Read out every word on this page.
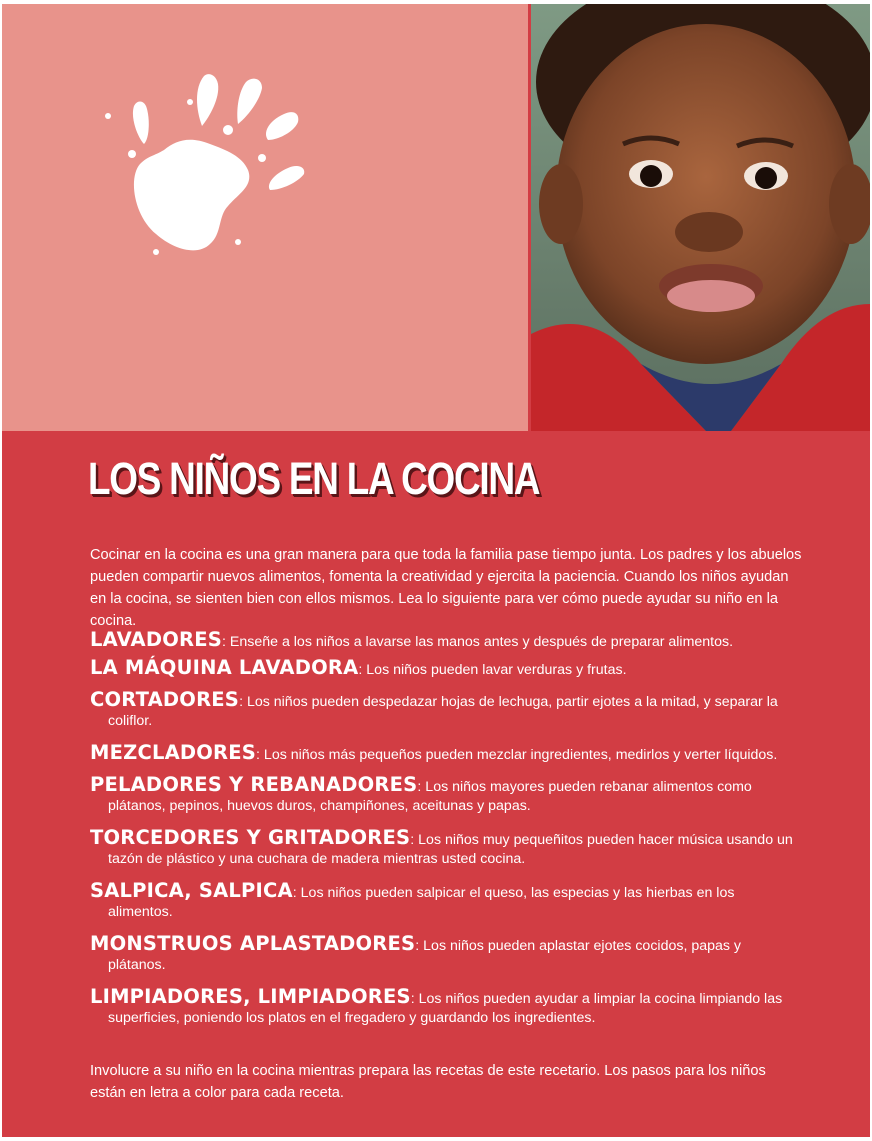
LOS NIÑOS EN LA COCINA

Cocinar en la cocina es una gran manera para que toda la familia pase tiempo junta. Los padres y los abuelos pueden compartir nuevos alimentos, fomenta la creatividad y ejercita la paciencia. Cuando los niños ayudan en la cocina, se sienten bien con ellos mismos. Lea lo siguiente para ver cómo puede ayudar su niño en la cocina.

LAVADORES: Enseñe a los niños a lavarse las manos antes y después de preparar alimentos.
LA MÁQUINA LAVADORA: Los niños pueden lavar verduras y frutas.
CORTADORES: Los niños pueden despedazar hojas de lechuga, partir ejotes a la mitad, y separar la coliflor.
MEZCLADORES: Los niños más pequeños pueden mezclar ingredientes, medirlos y verter líquidos.
PELADORES Y REBANADORES: Los niños mayores pueden rebanar alimentos como plátanos, pepinos, huevos duros, champiñones, aceitunas y papas.
TORCEDORES Y GRITADORES: Los niños muy pequeñitos pueden hacer música usando un tazón de plástico y una cuchara de madera mientras usted cocina.
SALPICA, SALPICA: Los niños pueden salpicar el queso, las especias y las hierbas en los alimentos.
MONSTRUOS APLASTADORES: Los niños pueden aplastar ejotes cocidos, papas y plátanos.
LIMPIADORES, LIMPIADORES: Los niños pueden ayudar a limpiar la cocina limpiando las superficies, poniendo los platos en el fregadero y guardando los ingredientes.

Involucre a su niño en la cocina mientras prepara las recetas de este recetario. Los pasos para los niños están en letra a color para cada receta.
